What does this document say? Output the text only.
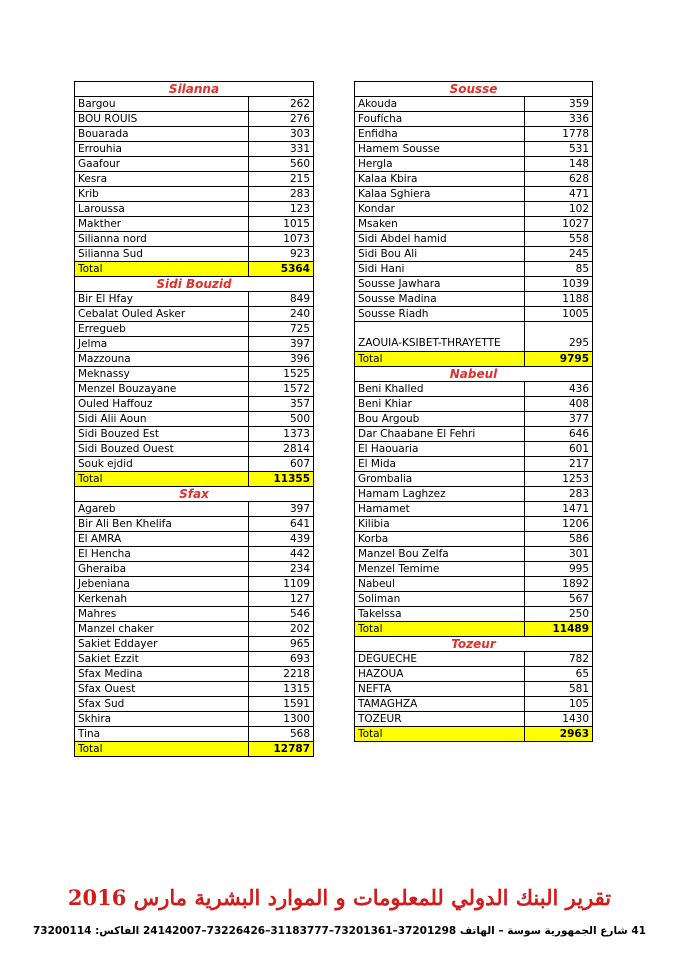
Silanna	
Bargou	262
BOU ROUIS	276
Bouarada	303
Errouhia	331
Gaafour	560
Kesra	215
Krib	283
Laroussa	123
Makther	1015
Silianna nord	1073
Silianna Sud	923
Total	5364
Sidi Bouzid	
Bir El Hfay	849
Cebalat Ouled Asker	240
Erregueb	725
Jelma	397
Mazzouna	396
Meknassy	1525
Menzel Bouzayane	1572
Ouled Haffouz	357
Sidi Alii Aoun	500
Sidi Bouzed Est	1373
Sidi Bouzed Ouest	2814
Souk ejdid	607
Total	11355
Sfax	
Agareb	397
Bir Ali Ben Khelifa	641
El AMRA	439
El Hencha	442
Gheraiba	234
Jebeniana	1109
Kerkenah	127
Mahres	546
Manzel chaker	202
Sakiet Eddayer	965
Sakiet Ezzit	693
Sfax Medina	2218
Sfax Ouest	1315
Sfax Sud	1591
Skhira	1300
Tina	568
Total	12787
Sousse	
Akouda	359
Foufícha	336
Enfidha	1778
Hamem Sousse	531
Hergla	148
Kalaa Kbira	628
Kalaa Sghiera	471
Kondar	102
Msaken	1027
Sidi Abdel hamid	558
Sidi Bou Ali	245
Sidi Hani	85
Sousse Jawhara	1039
Sousse Madina	1188
Sousse Riadh	1005
ZAOUIA-KSIBET-THRAYETTE	295
Total	9795
Nabeul	
Beni Khalled	436
Beni Khiar	408
Bou Argoub	377
Dar Chaabane El Fehri	646
El Haouaria	601
El Mida	217
Grombalia	1253
Hamam Laghzez	283
Hamamet	1471
Kilibia	1206
Korba	586
Manzel Bou Zelfa	301
Menzel Temime	995
Nabeul	1892
Soliman	567
Takelssa	250
Total	11489
Tozeur	
DEGUECHE	782
HAZOUA	65
NEFTA	581
TAMAGHZA	105
TOZEUR	1430
Total	2963
تقرير البنك الدولي للمعلومات و الموارد البشرية مارس 2016
41 شارع الجمهورية سوسة – الهاتف 37201298–73201361–31183777–73226426–24142007 الفاكس: 73200114
